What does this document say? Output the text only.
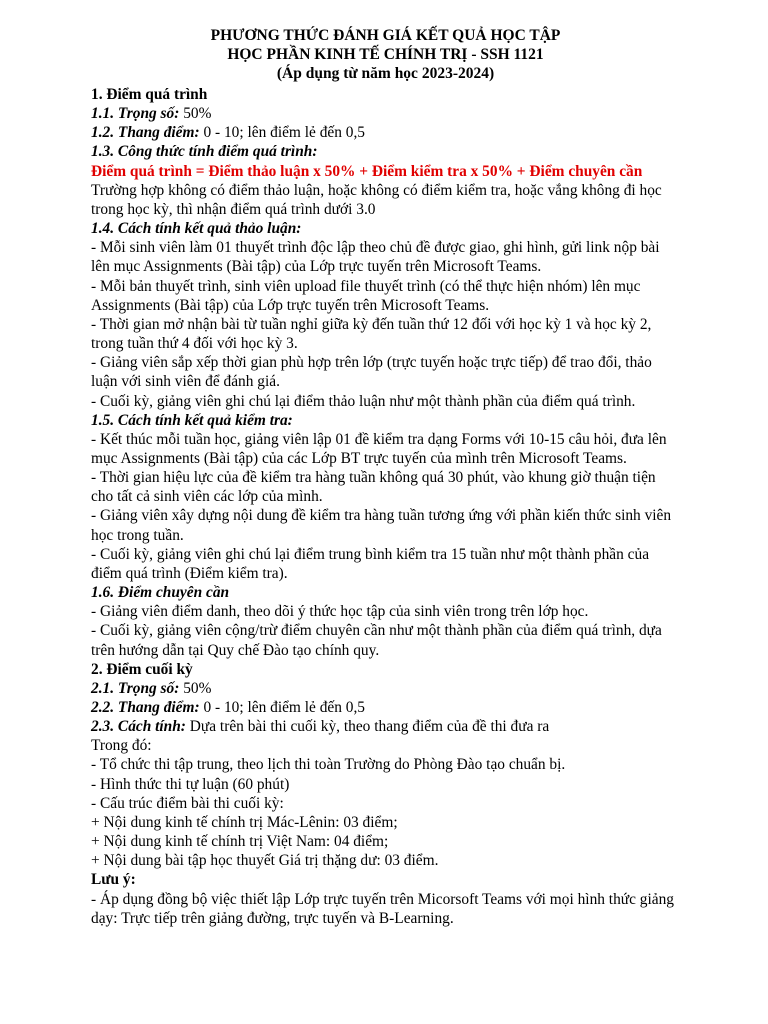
PHƯƠNG THỨC ĐÁNH GIÁ KẾT QUẢ HỌC TẬP

HỌC PHẦN KINH TẾ CHÍNH TRỊ - SSH 1121

(Áp dụng từ năm học 2023-2024)

1. Điểm quá trình

1.1. Trọng số: 50%

1.2. Thang điểm: 0 - 10; lên điểm lẻ đến 0,5

1.3. Công thức tính điểm quá trình:

Điểm quá trình = Điểm thảo luận x 50% + Điểm kiểm tra x 50% + Điểm chuyên cần

Trường hợp không có điểm thảo luận, hoặc không có điểm kiểm tra, hoặc vắng không đi học trong học kỳ, thì nhận điểm quá trình dưới 3.0

1.4. Cách tính kết quả thảo luận:

- Mỗi sinh viên làm 01 thuyết trình độc lập theo chủ đề được giao, ghi hình, gửi link nộp bài lên mục Assignments (Bài tập) của Lớp trực tuyến trên Microsoft Teams.

- Mỗi bản thuyết trình, sinh viên upload file thuyết trình (có thể thực hiện nhóm) lên mục Assignments (Bài tập) của Lớp trực tuyến trên Microsoft Teams.

- Thời gian mở nhận bài từ tuần nghỉ giữa kỳ đến tuần thứ 12 đối với học kỳ 1 và học kỳ 2, trong tuần thứ 4 đối với học kỳ 3.

- Giảng viên sắp xếp thời gian phù hợp trên lớp (trực tuyến hoặc trực tiếp) để trao đổi, thảo luận với sinh viên để đánh giá.

- Cuối kỳ, giảng viên ghi chú lại điểm thảo luận như một thành phần của điểm quá trình.

1.5. Cách tính kết quả kiểm tra:

- Kết thúc mỗi tuần học, giảng viên lập 01 đề kiểm tra dạng Forms với 10-15 câu hỏi, đưa lên mục Assignments (Bài tập) của các Lớp BT trực tuyến của mình trên Microsoft Teams.

- Thời gian hiệu lực của đề kiểm tra hàng tuần không quá 30 phút, vào khung giờ thuận tiện cho tất cả sinh viên các lớp của mình.

- Giảng viên xây dựng nội dung đề kiểm tra hàng tuần tương ứng với phần kiến thức sinh viên học trong tuần.

- Cuối kỳ, giảng viên ghi chú lại điểm trung bình kiểm tra 15 tuần như một thành phần của điểm quá trình (Điểm kiểm tra).

1.6. Điểm chuyên cần

- Giảng viên điểm danh, theo dõi ý thức học tập của sinh viên trong trên lớp học.

- Cuối kỳ, giảng viên cộng/trừ điểm chuyên cần như một thành phần của điểm quá trình, dựa trên hướng dẫn tại Quy chế Đào tạo chính quy.

2. Điểm cuối kỳ

2.1. Trọng số: 50%

2.2. Thang điểm: 0 - 10; lên điểm lẻ đến 0,5

2.3. Cách tính: Dựa trên bài thi cuối kỳ, theo thang điểm của đề thi đưa ra

Trong đó:

- Tổ chức thi tập trung, theo lịch thi toàn Trường do Phòng Đào tạo chuẩn bị.

- Hình thức thi tự luận (60 phút)

- Cấu trúc điểm bài thi cuối kỳ:

+ Nội dung kinh tế chính trị Mác-Lênin: 03 điểm;

+ Nội dung kinh tế chính trị Việt Nam: 04 điểm;

+ Nội dung bài tập học thuyết Giá trị thặng dư: 03 điểm.

Lưu ý:

- Áp dụng đồng bộ việc thiết lập Lớp trực tuyến trên Micorsoft Teams với mọi hình thức giảng dạy: Trực tiếp trên giảng đường, trực tuyến và B-Learning.
